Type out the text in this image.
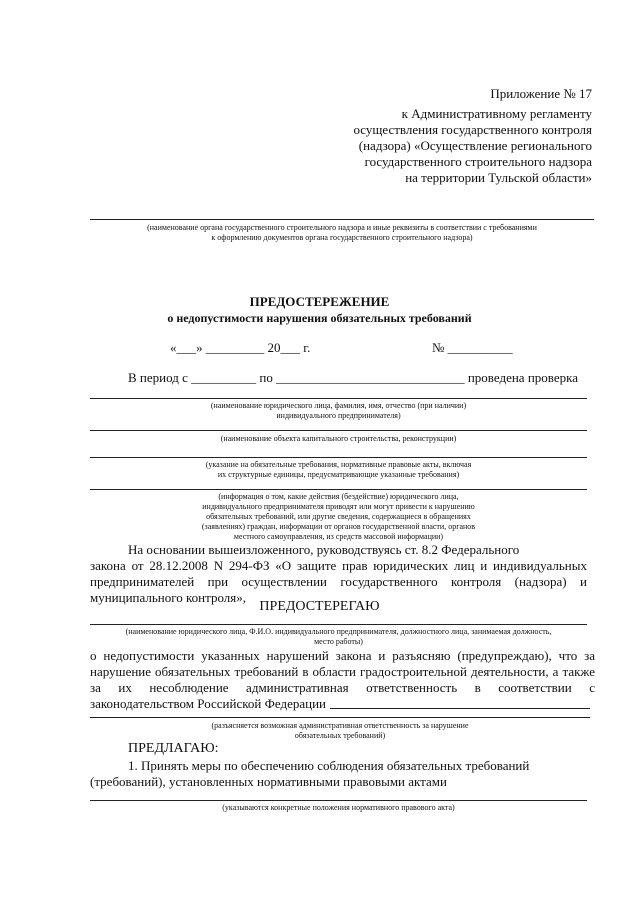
Приложение № 17
к Административному регламенту
осуществления государственного контроля
(надзора) «Осуществление регионального
государственного строительного надзора
на территории Тульской области»
(наименование органа государственного строительного надзора и иные реквизиты в соответствии с требованиями
к оформлению документов органа государственного строительного надзора)
ПРЕДОСТЕРЕЖЕНИЕ
о недопустимости нарушения обязательных требований
«___» _________ 20___ г.	№ __________
В период с __________ по _____________________________ проведена проверка
(наименование юридического лица, фамилия, имя, отчество (при наличии)
индивидуального предпринимателя)
(наименование объекта капитального строительства, реконструкции)
(указание на обязательные требования, нормативные правовые акты, включая
их структурные единицы, предусматривающие указанные требования)
(информация о том, какие действия (бездействие) юридического лица,
индивидуального предпринимателя приводят или могут привести к нарушению
обязательных требований, или другие сведения, содержащиеся в обращениях
(заявлениях) граждан, информации от органов государственной власти, органов
местного самоуправления, из средств массовой информации)
На основании вышеизложенного, руководствуясь ст. 8.2 Федерального
закона от 28.12.2008 N 294-ФЗ «О защите прав юридических лиц и индивидуальных
предпринимателей при осуществлении государственного контроля (надзора) и
муниципального контроля»,
ПРЕДОСТЕРЕГАЮ
(наименование юридического лица, Ф.И.О. индивидуального предпринимателя, должностного лица, занимаемая должность,
место работы)
о недопустимости указанных нарушений закона и разъясняю (предупреждаю), что за
нарушение обязательных требований в области градостроительной деятельности, а также
за их несоблюдение административная ответственность в соответствии с
законодательством Российской Федерации
(разъясняется возможная административная ответственность за нарушение
обязательных требований)
ПРЕДЛАГАЮ:
1. Принять меры по обеспечению соблюдения обязательных требований
(требований), установленных нормативными правовыми актами
(указываются конкретные положения нормативного правового акта)
